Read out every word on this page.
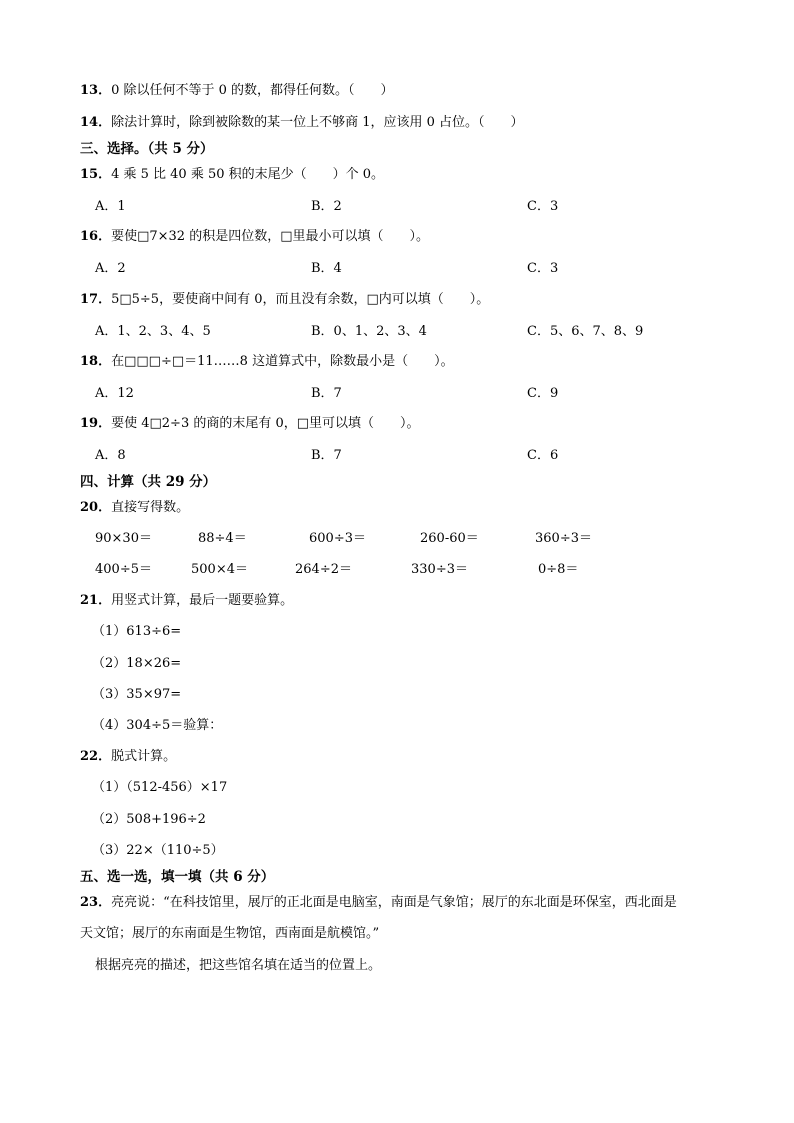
13．0 除以任何不等于 0 的数，都得任何数。（　　）
14．除法计算时，除到被除数的某一位上不够商 1，应该用 0 占位。（　　）
三、选择。（共 5 分）
15．4 乘 5 比 40 乘 50 积的末尾少（　　）个 0。
A．1	B．2	C．3
16．要使□7×32 的积是四位数，□里最小可以填（　　）。
A．2	B．4	C．3
17．5□5÷5，要使商中间有 0，而且没有余数，□内可以填（　　）。
A．1、2、3、4、5	B．0、1、2、3、4	C．5、6、7、8、9
18．在□□□÷□＝11……8 这道算式中，除数最小是（　　）。
A．12	B．7	C．9
19．要使 4□2÷3 的商的末尾有 0，□里可以填（　　）。
A．8	B．7	C．6
四、计算（共 29 分）
20．直接写得数。
90×30＝	88÷4＝	600÷3＝	260-60＝	360÷3＝
400÷5＝	500×4＝	264÷2＝	330÷3＝	0÷8＝
21．用竖式计算，最后一题要验算。
（1）613÷6=
（2）18×26=
（3）35×97=
（4）304÷5＝验算：
22．脱式计算。
（1）（512-456）×17
（2）508+196÷2
（3）22×（110÷5）
五、选一选，填一填（共 6 分）
23．亮亮说：“在科技馆里，展厅的正北面是电脑室，南面是气象馆；展厅的东北面是环保室，西北面是
天文馆；展厅的东南面是生物馆，西南面是航模馆。”
根据亮亮的描述，把这些馆名填在适当的位置上。
